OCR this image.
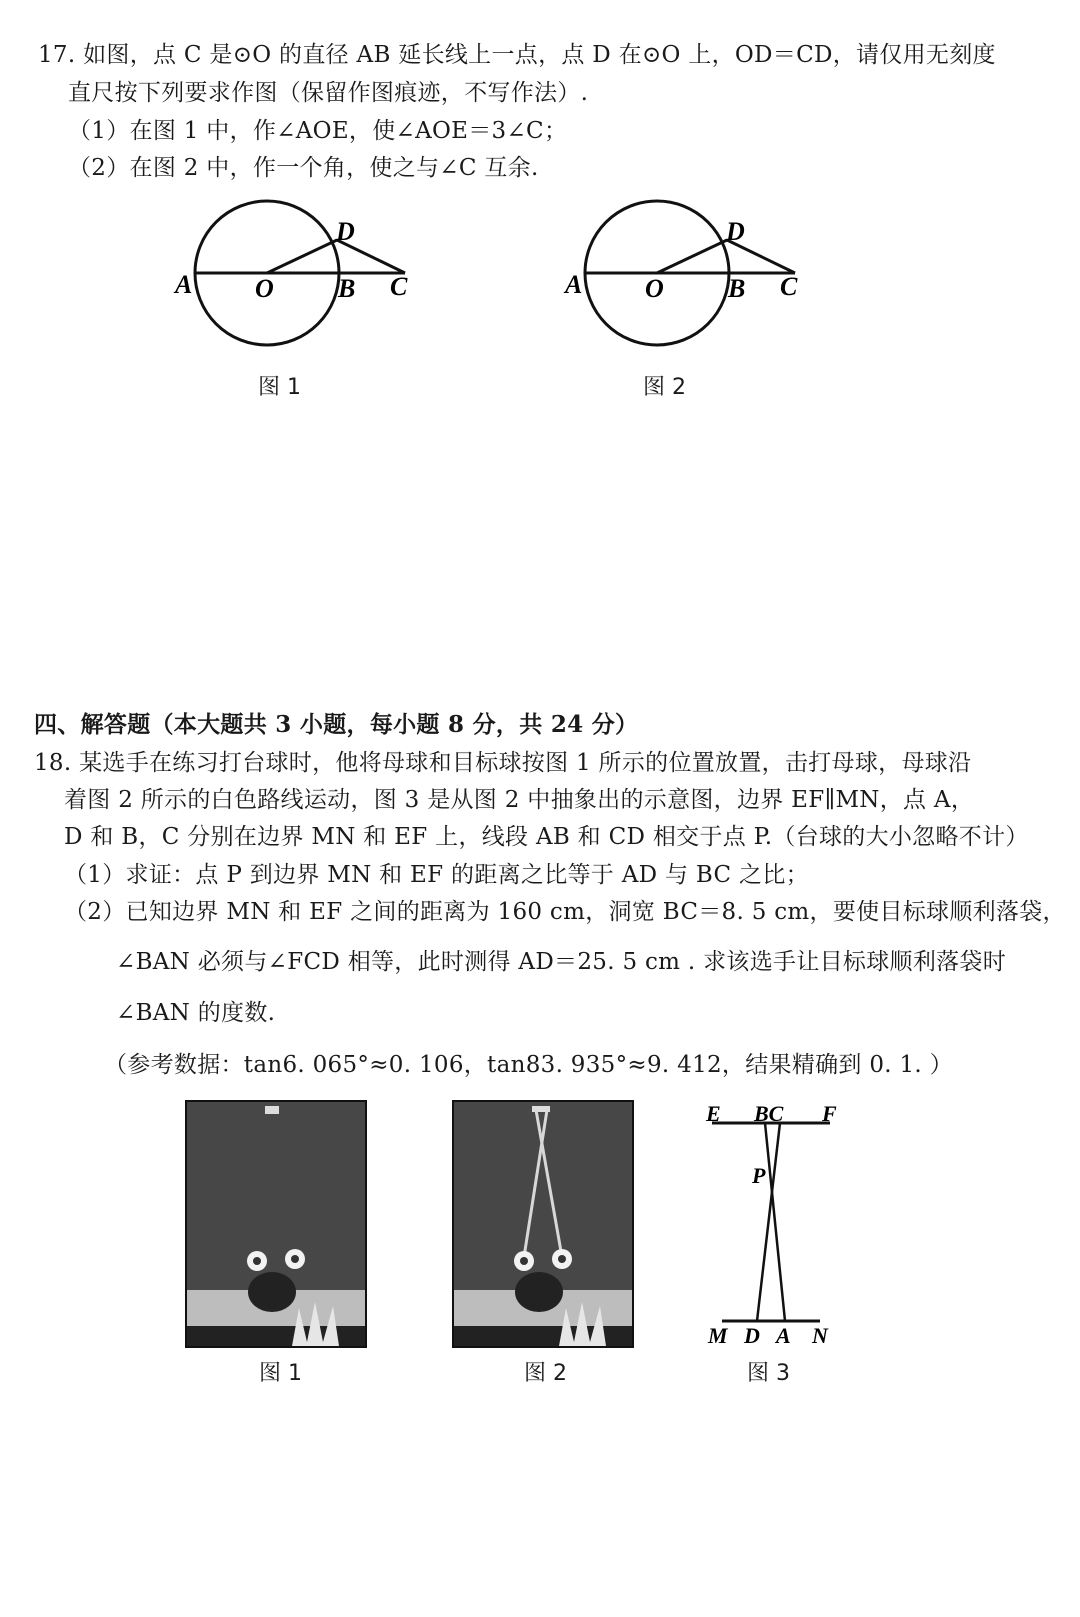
17. 如图，点 C 是⊙O 的直径 AB 延长线上一点，点 D 在⊙O 上，OD＝CD，请仅用无刻度
直尺按下列要求作图（保留作图痕迹，不写作法）.
（1）在图 1 中，作∠AOE，使∠AOE＝3∠C；
（2）在图 2 中，作一个角，使之与∠C 互余.
A O B C
D
图 1
A O B C
D
图 2
四、解答题（本大题共 3 小题，每小题 8 分，共 24 分）
18. 某选手在练习打台球时，他将母球和目标球按图 1 所示的位置放置，击打母球，母球沿
着图 2 所示的白色路线运动，图 3 是从图 2 中抽象出的示意图，边界 EF∥MN，点 A，
D 和 B，C 分别在边界 MN 和 EF 上，线段 AB 和 CD 相交于点 P.（台球的大小忽略不计）
（1）求证：点 P 到边界 MN 和 EF 的距离之比等于 AD 与 BC 之比；
（2）已知边界 MN 和 EF 之间的距离为 160 cm，洞宽 BC＝8. 5 cm，要使目标球顺利落袋，
∠BAN 必须与∠FCD 相等，此时测得 AD＝25. 5 cm . 求该选手让目标球顺利落袋时
∠BAN 的度数.
（参考数据：tan6. 065°≈0. 106，tan83. 935°≈9. 412，结果精确到 0. 1. ）
图 1	图 2
E BC F
P
M D A N
图 3
